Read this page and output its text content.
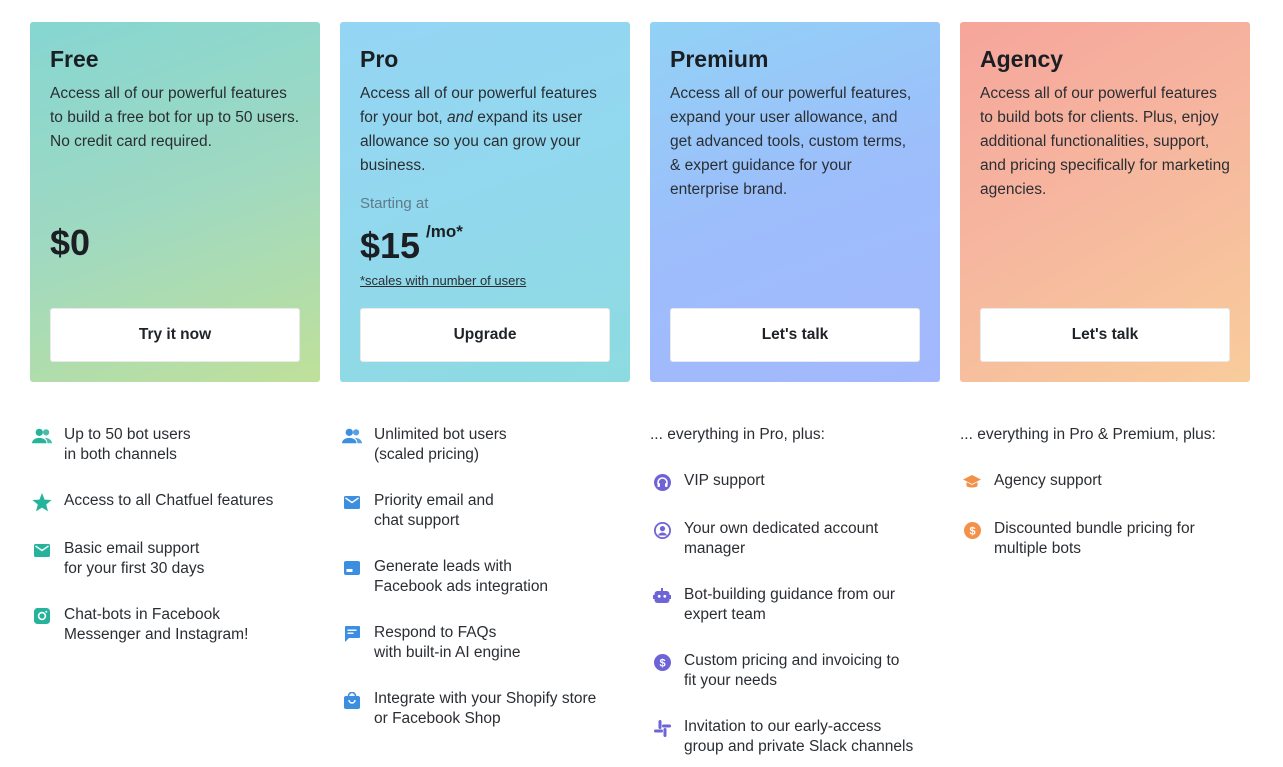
Free
Access all of our powerful features to build a free bot for up to 50 users. No credit card required.
$0
Try it now
Pro
Access all of our powerful features for your bot, and expand its user allowance so you can grow your business.
Starting at
$15 /mo*
*scales with number of users
Upgrade
Premium
Access all of our powerful features, expand your user allowance, and get advanced tools, custom terms, & expert guidance for your enterprise brand.
Let's talk
Agency
Access all of our powerful features to build bots for clients. Plus, enjoy additional functionalities, support, and pricing specifically for marketing agencies.
Let's talk
Up to 50 bot users
in both channels
Access to all Chatfuel features
Basic email support
for your first 30 days
Chat-bots in Facebook
Messenger and Instagram!
Unlimited bot users
(scaled pricing)
Priority email and
chat support
Generate leads with
Facebook ads integration
Respond to FAQs
with built-in AI engine
Integrate with your Shopify store
or Facebook Shop
... everything in Pro, plus:
VIP support
Your own dedicated account
manager
Bot-building guidance from our
expert team
$ Custom pricing and invoicing to
fit your needs
Invitation to our early-access
group and private Slack channels
... everything in Pro & Premium, plus:
Agency support
$ Discounted bundle pricing for
multiple bots
